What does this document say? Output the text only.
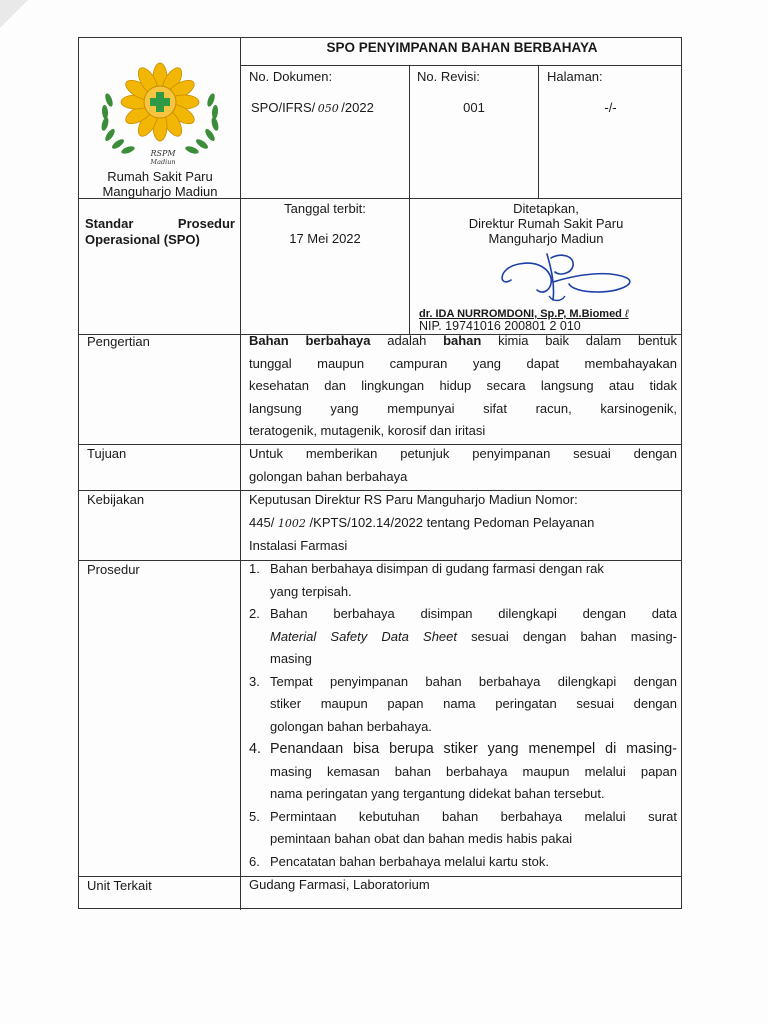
SPO PENYIMPANAN BAHAN BERBAHAYA
RSPM
Madiun
Rumah Sakit Paru
Manguharjo Madiun
No. Dokumen:
SPO/IFRS/ 050 /2022
No. Revisi:
001
Halaman:
-/-
Standar	Prosedur
Operasional (SPO)
Tanggal terbit:
17 Mei 2022
Ditetapkan,
Direktur Rumah Sakit Paru
Manguharjo Madiun
dr. IDA NURROMDONI, Sp.P, M.Biomed ℓ
NIP. 19741016 200801 2 010
Pengertian	Bahan berbahaya adalah bahan kimia baik dalam bentuk
tunggal maupun campuran yang dapat membahayakan
kesehatan dan lingkungan hidup secara langsung atau tidak
langsung yang mempunyai sifat racun, karsinogenik,
teratogenik, mutagenik, korosif dan iritasi
Tujuan	Untuk memberikan petunjuk penyimpanan sesuai dengan
golongan bahan berbahaya
Kebijakan	Keputusan Direktur RS Paru Manguharjo Madiun Nomor:
445/ 1002 /KPTS/102.14/2022 tentang Pedoman Pelayanan
Instalasi Farmasi
Prosedur	1. Bahan berbahaya disimpan di gudang farmasi dengan rak
yang terpisah.
2. Bahan berbahaya disimpan dilengkapi dengan data
Material Safety Data Sheet sesuai dengan bahan masing-
masing
3. Tempat penyimpanan bahan berbahaya dilengkapi dengan
stiker maupun papan nama peringatan sesuai dengan
golongan bahan berbahaya.
4. Penandaan bisa berupa stiker yang menempel di masing-
masing kemasan bahan berbahaya maupun melalui papan
nama peringatan yang tergantung didekat bahan tersebut.
5. Permintaan kebutuhan bahan berbahaya melalui surat
pemintaan bahan obat dan bahan medis habis pakai
6. Pencatatan bahan berbahaya melalui kartu stok.
Unit Terkait	Gudang Farmasi, Laboratorium
